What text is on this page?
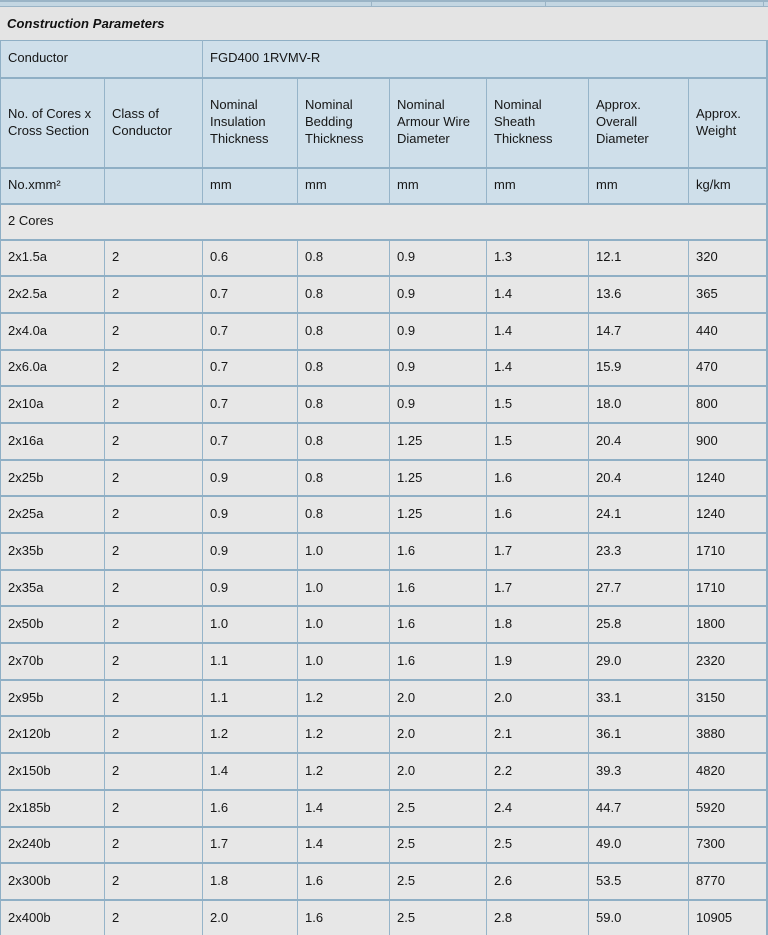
Construction Parameters
Conductor		FGD400 1RVMV-R					
No. of Cores x Cross Section	Class of Conductor	Nominal Insulation Thickness	Nominal Bedding Thickness	Nominal Armour Wire Diameter	Nominal Sheath Thickness	Approx. Overall Diameter	Approx. Weight
No.xmm²		mm	mm	mm	mm	mm	kg/km
2 Cores							
2x1.5a	2	0.6	0.8	0.9	1.3	12.1	320
2x2.5a	2	0.7	0.8	0.9	1.4	13.6	365
2x4.0a	2	0.7	0.8	0.9	1.4	14.7	440
2x6.0a	2	0.7	0.8	0.9	1.4	15.9	470
2x10a	2	0.7	0.8	0.9	1.5	18.0	800
2x16a	2	0.7	0.8	1.25	1.5	20.4	900
2x25b	2	0.9	0.8	1.25	1.6	20.4	1240
2x25a	2	0.9	0.8	1.25	1.6	24.1	1240
2x35b	2	0.9	1.0	1.6	1.7	23.3	1710
2x35a	2	0.9	1.0	1.6	1.7	27.7	1710
2x50b	2	1.0	1.0	1.6	1.8	25.8	1800
2x70b	2	1.1	1.0	1.6	1.9	29.0	2320
2x95b	2	1.1	1.2	2.0	2.0	33.1	3150
2x120b	2	1.2	1.2	2.0	2.1	36.1	3880
2x150b	2	1.4	1.2	2.0	2.2	39.3	4820
2x185b	2	1.6	1.4	2.5	2.4	44.7	5920
2x240b	2	1.7	1.4	2.5	2.5	49.0	7300
2x300b	2	1.8	1.6	2.5	2.6	53.5	8770
2x400b	2	2.0	1.6	2.5	2.8	59.0	10905
